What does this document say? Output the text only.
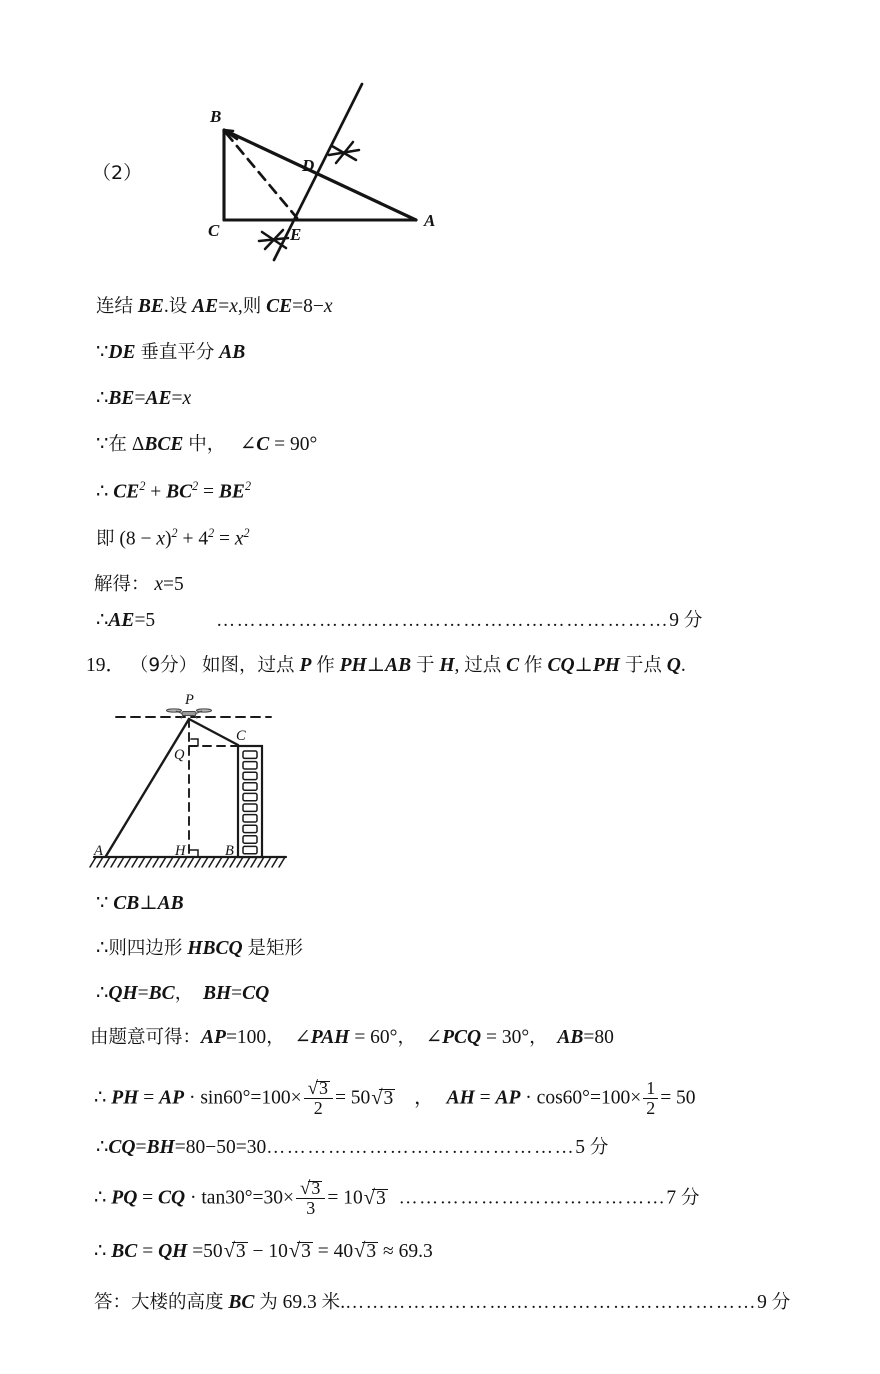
B
D
A
C	E
（2）
连结 BE.设 AE=x,则 CE=8−x
∵DE 垂直平分 AB
∴BE=AE=x
∵在 ΔBCE 中， ∠C = 90°
∴ $CE^2 + BC^2 = BE^2$
即 $(8 - x)^2 + 4^2 = x^2$
解得： x=5
∴AE=5	…………………………………………………………9 分
19． （9分） 如图，过点 P 作 PH⊥AB 于 H, 过点 C 作 CQ⊥PH 于点 Q.
P
Q
C
A	H	B
∵ CB⊥AB
∴则四边形 HBCQ 是矩形
∴QH=BC， BH=CQ
由题意可得：AP=100， ∠PAH = 60°， ∠PCQ = 30°， AB=80
∴ PH = AP · sin60°=100× √
3
2 = 50√
3 ， AH = AP · $\cos 60^\circ=100\times \frac{1}{2} = 50$
∴CQ=BH=80−50=30………………………………………5 分
∴ PQ = CQ · tan30°=30× √
3
3 = 10√
3 …………………………………7 分
∴ BC = QH =50√
3 − 10√
3 = 40√
3 ≈ 69.3
答：大楼的高度 BC 为 69.3 米.……………………………………………………9 分
